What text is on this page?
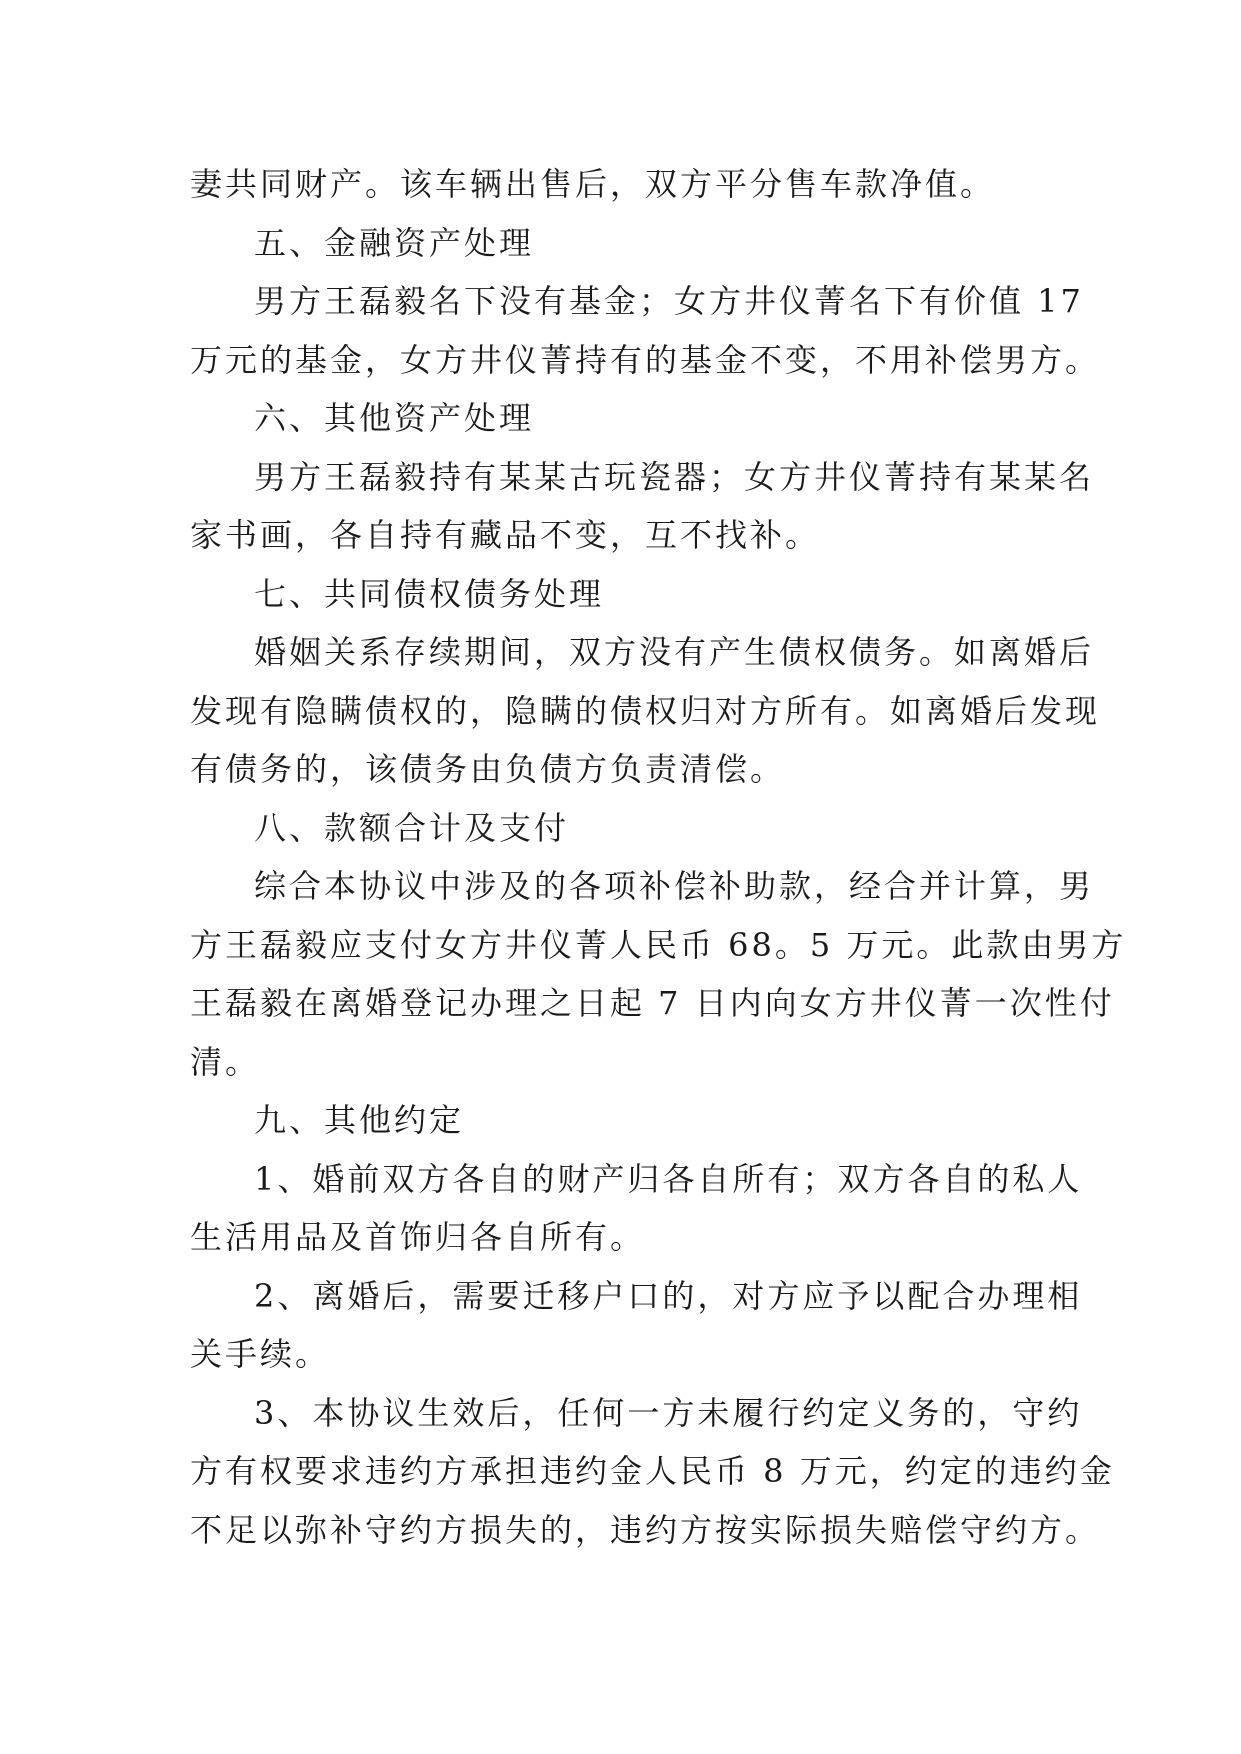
妻共同财产。该车辆出售后，双方平分售车款净值。

五、金融资产处理

男方王磊毅名下没有基金；女方井仪菁名下有价值 17

万元的基金，女方井仪菁持有的基金不变，不用补偿男方。

六、其他资产处理

男方王磊毅持有某某古玩瓷器；女方井仪菁持有某某名

家书画，各自持有藏品不变，互不找补。

七、共同债权债务处理

婚姻关系存续期间，双方没有产生债权债务。如离婚后

发现有隐瞒债权的，隐瞒的债权归对方所有。如离婚后发现

有债务的，该债务由负债方负责清偿。

八、款额合计及支付

综合本协议中涉及的各项补偿补助款，经合并计算，男

方王磊毅应支付女方井仪菁人民币 68。5 万元。此款由男方

王磊毅在离婚登记办理之日起 7 日内向女方井仪菁一次性付

清。

九、其他约定

1、婚前双方各自的财产归各自所有；双方各自的私人

生活用品及首饰归各自所有。

2、离婚后，需要迁移户口的，对方应予以配合办理相

关手续。

3、本协议生效后，任何一方未履行约定义务的，守约

方有权要求违约方承担违约金人民币 8 万元，约定的违约金

不足以弥补守约方损失的，违约方按实际损失赔偿守约方。
